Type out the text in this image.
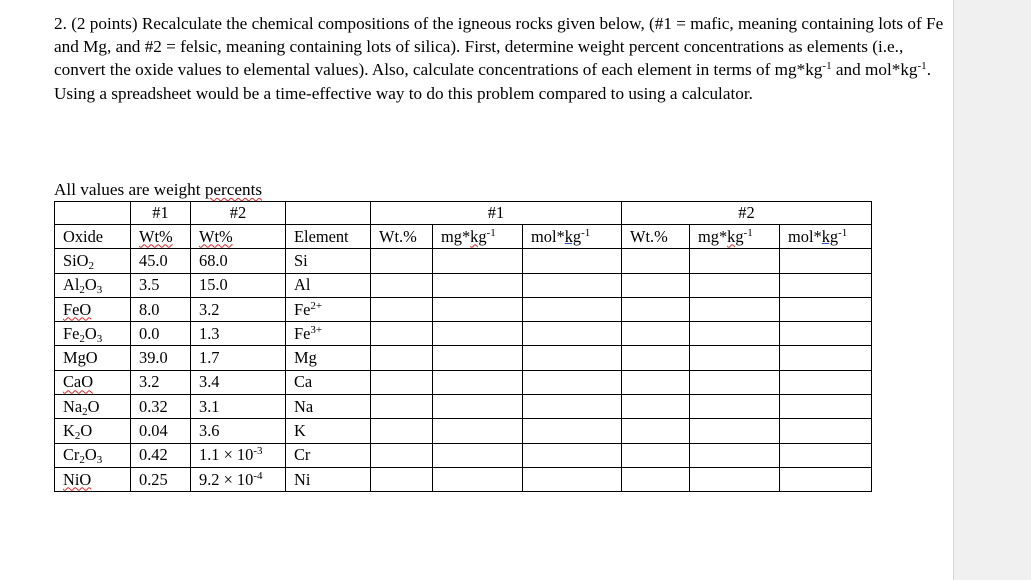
2. (2 points) Recalculate the chemical compositions of the igneous rocks given below, (#1 = mafic, meaning containing lots of Fe and Mg, and #2 = felsic, meaning containing lots of silica). First, determine weight percent concentrations as elements (i.e., convert the oxide values to elemental values). Also, calculate concentrations of each element in terms of $mg*kg^{-1}$ and $mol*kg^{-1}$. Using a spreadsheet would be a time-effective way to do this problem compared to using a calculator.

All values are weight percents
	#1	#2		#1			#2		
Oxide	Wt%	Wt%	Element	Wt.%	$mg*kg^{-1}$	$mol*kg^{-1}$	Wt.%	$mg*kg^{-1}$	$mol*kg^{-1}$
SiO$_2$	45.0	68.0	Si						
$Al_2O_3$	3.5	15.0	Al						
FeO	8.0	3.2	$Fe^{2+}$						
$Fe_2O_3$	0.0	1.3	$Fe^{3+}$						
MgO	39.0	1.7	Mg						
CaO	3.2	3.4	Ca						
$Na_2O$	0.32	3.1	Na						
$K_2O$	0.04	3.6	K						
$Cr_2O_3$	0.42	$1.1 \times 10^{-3}$	Cr						
NiO	0.25	$9.2 \times 10^{-4}$	Ni						
